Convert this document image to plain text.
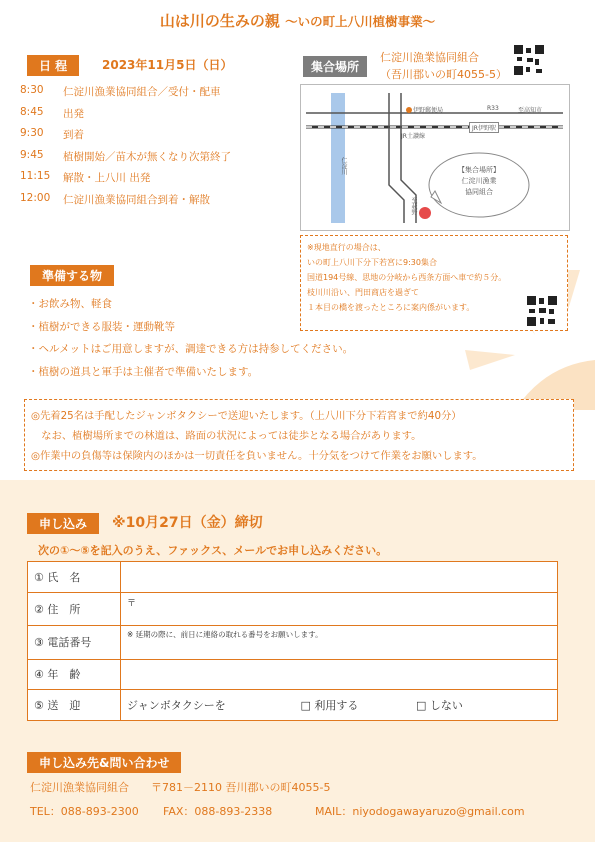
山は川の生みの親 〜いの町上八川植樹事業〜
日 程	2023年11月5日（日）
8:30	仁淀川漁業協同組合／受付・配車
8:45	出発
9:30	到着
9:45	植樹開始／苗木が無くなり次第終了
11:15	解散・上八川 出発
12:00	仁淀川漁業協同組合到着・解散
集合場所
仁淀川漁業協同組合
（吾川郡いの町4055-5）
伊野郵便局	R33	至高知市
JR伊野駅
JR土讃線
仁淀川
至萩野
【集合場所】
仁淀川漁業
協同組合
※現地直行の場合は、
いの町上八川下分下若宮に9:30集合
国道194号線、思地の分岐から西条方面へ車で約５分。
枝川川沿い、門田商店を過ぎて
１本目の橋を渡ったところに案内係がいます。
準備する物
・お飲み物、軽食
・植樹ができる服装・運動靴等
・ヘルメットはご用意しますが、調達できる方は持参してください。
・植樹の道具と軍手は主催者で準備いたします。
◎先着25名は手配したジャンボタクシーで送迎いたします。（上八川下分下若宮まで約40分）
　なお、植樹場所までの林道は、路面の状況によっては徒歩となる場合があります。
◎作業中の負傷等は保険内のほかは一切責任を負いません。十分気をつけて作業をお願いします。
申し込み	※10月27日（金）締切
次の①〜⑤を記入のうえ、ファックス、メールでお申し込みください。
① 氏　名	
② 住　所	〒
③ 電話番号	※ 延期の際に、前日に連絡の取れる番号をお願いします。
④ 年　齢	
⑤ 送　迎	ジャンボタクシーを □ 利用する □ しない
申し込み先&問い合わせ
仁淀川漁業協同組合　　〒781－2110 吾川郡いの町4055-5
TEL：088-893-2300 FAX：088-893-2338	MAIL：niyodogawayaruzo@gmail.com
